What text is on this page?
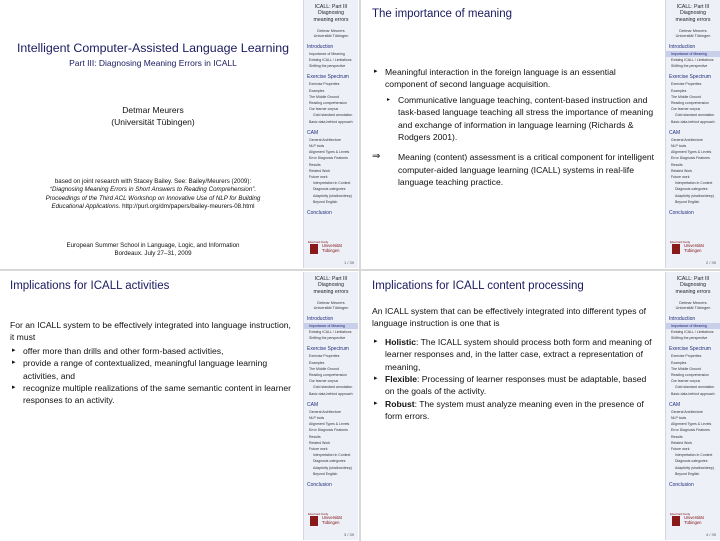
Intelligent Computer-Assisted Language Learning
Part III: Diagnosing Meaning Errors in ICALL
Detmar Meurers
(Universität Tübingen)
based on joint research with Stacey Bailey. See: Bailey/Meurers (2009):
“Diagnosing Meaning Errors in Short Answers to Reading Comprehension”.
Proceedings of the Third ACL Workshop on Innovative Use of NLP for Building
Educational Applications. http://purl.org/dm/papers/bailey-meurers-08.html
European Summer School in Language, Logic, and Information
Bordeaux. July 27–31, 2009
ICALL: Part III
Diagnosing
meaning errors
Detmar Meurers
Universität Tübingen
Introduction
Importance of Meaning
Existing ICALL / Limitations
Shifting the perspective
Exercise Spectrum
Exercise Properties
Examples
The Middle Ground
Reading comprehension
Our learner corpus
Gold standard annotation
Basic data-behind approach
CAM
General Architecture
NLP tools
Alignment Types & Levels
Error Diagnosis Features
Results
Related Work
Future work
Interpretation in Context
Diagnosis categories
Adaptivity (shallow/deep)
Beyond English
Conclusion
Eberhard Karls
Universität
Tübingen
1 / 39
The importance of meaning
▸ Meaningful interaction in the foreign language is an essential component of second language acquisition.
▸ Communicative language teaching, content-based instruction and task-based language teaching all stress the importance of meaning and exchange of information in language learning (Richards & Rodgers 2001).
⇒ Meaning (content) assessment is a critical component for intelligent computer-aided language learning (ICALL) systems in real-life language teaching practice.
ICALL: Part III
Diagnosing
meaning errors
Detmar Meurers
Universität Tübingen
Introduction
Importance of Meaning
Existing ICALL / Limitations
Shifting the perspective
Exercise Spectrum
Exercise Properties
Examples
The Middle Ground
Reading comprehension
Our learner corpus
Gold standard annotation
Basic data-behind approach
CAM
General Architecture
NLP tools
Alignment Types & Levels
Error Diagnosis Features
Results
Related Work
Future work
Interpretation in Context
Diagnosis categories
Adaptivity (shallow/deep)
Beyond English
Conclusion
Eberhard Karls
Universität
Tübingen
2 / 39
Implications for ICALL activities
For an ICALL system to be effectively integrated into language instruction, it must
▸ offer more than drills and other form-based activities,
▸ provide a range of contextualized, meaningful language learning activities, and
▸ recognize multiple realizations of the same semantic content in learner responses to an activity.
ICALL: Part III
Diagnosing
meaning errors
Detmar Meurers
Universität Tübingen
Introduction
Importance of Meaning
Existing ICALL / Limitations
Shifting the perspective
Exercise Spectrum
Exercise Properties
Examples
The Middle Ground
Reading comprehension
Our learner corpus
Gold standard annotation
Basic data-behind approach
CAM
General Architecture
NLP tools
Alignment Types & Levels
Error Diagnosis Features
Results
Related Work
Future work
Interpretation in Context
Diagnosis categories
Adaptivity (shallow/deep)
Beyond English
Conclusion
Eberhard Karls
Universität
Tübingen
3 / 39
Implications for ICALL content processing
An ICALL system that can be effectively integrated into different types of language instruction is one that is
▸ Holistic: The ICALL system should process both form and meaning of learner responses and, in the latter case, extract a representation of meaning,
▸ Flexible: Processing of learner responses must be adaptable, based on the goals of the activity.
▸ Robust: The system must analyze meaning even in the presence of form errors.
ICALL: Part III
Diagnosing
meaning errors
Detmar Meurers
Universität Tübingen
Introduction
Importance of Meaning
Existing ICALL / Limitations
Shifting the perspective
Exercise Spectrum
Exercise Properties
Examples
The Middle Ground
Reading comprehension
Our learner corpus
Gold standard annotation
Basic data-behind approach
CAM
General Architecture
NLP tools
Alignment Types & Levels
Error Diagnosis Features
Results
Related Work
Future work
Interpretation in Context
Diagnosis categories
Adaptivity (shallow/deep)
Beyond English
Conclusion
Eberhard Karls
Universität
Tübingen
4 / 39
